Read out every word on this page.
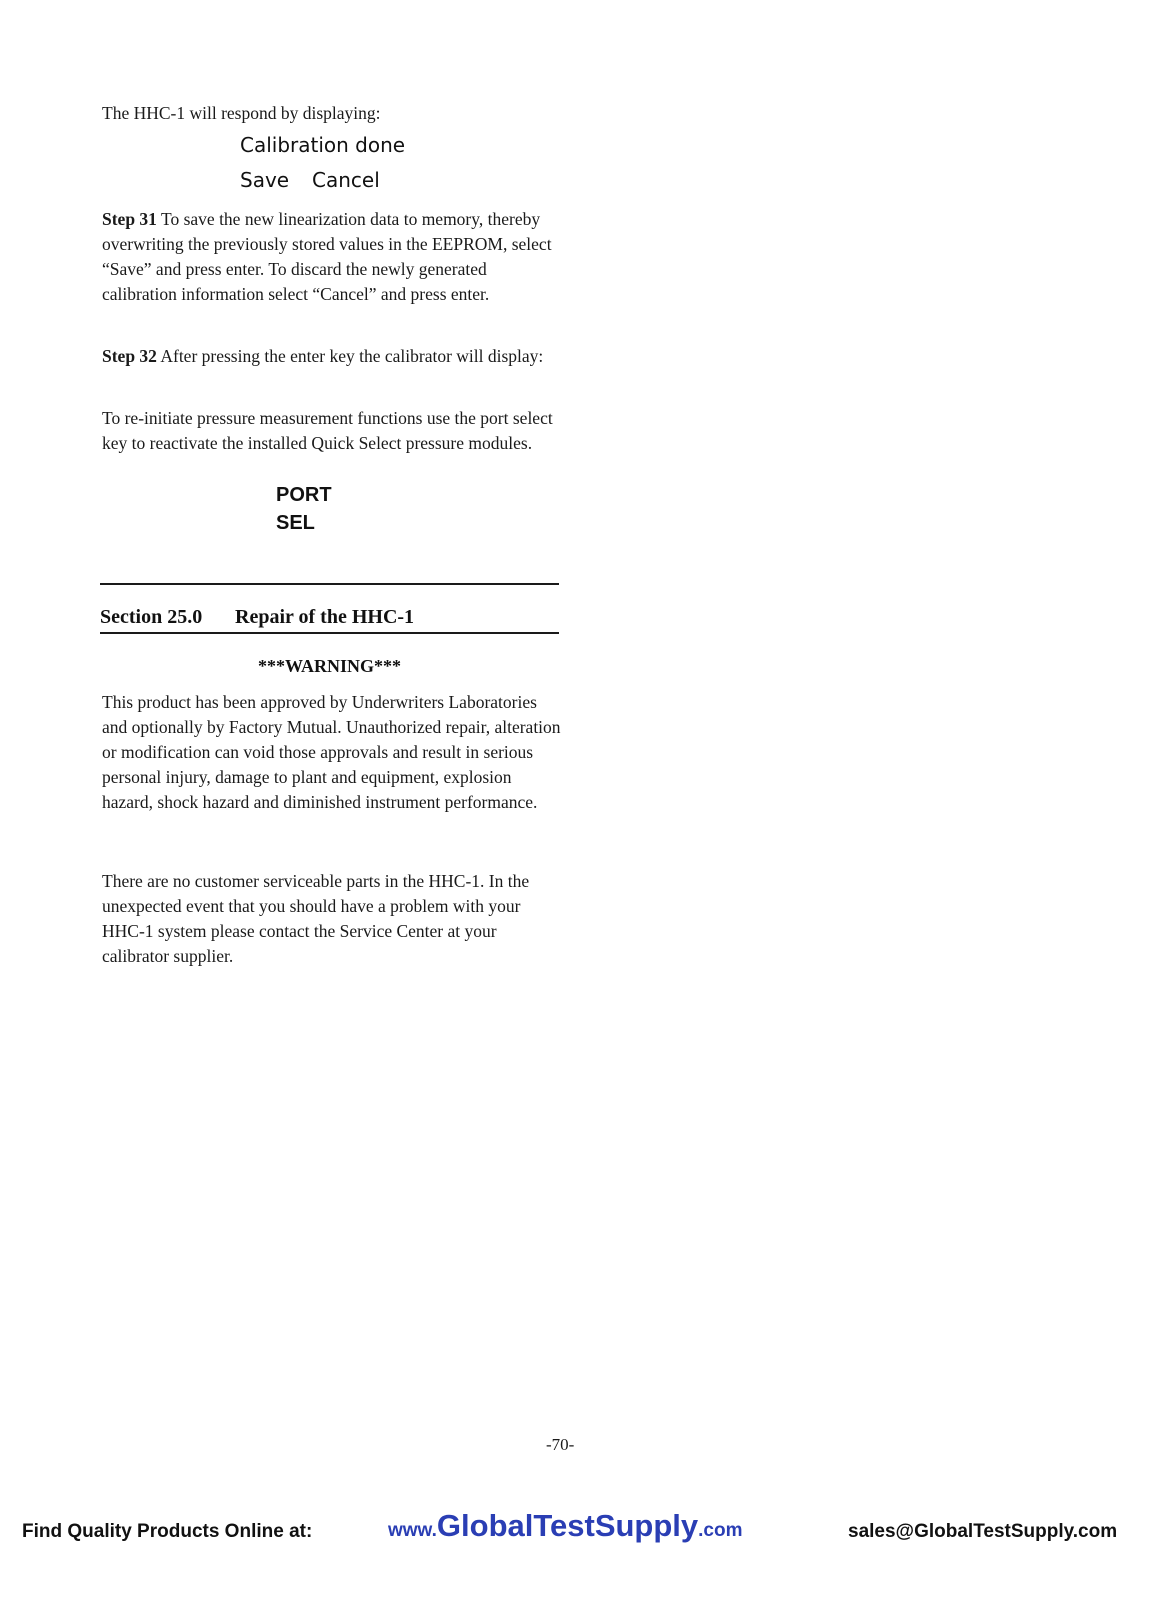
The HHC-1 will respond by displaying:
Calibration done
Save Cancel
Step 31 To save the new linearization data to memory, thereby overwriting the previously stored values in the EEPROM, select “Save” and press enter. To discard the newly generated calibration information select “Cancel” and press enter.
Step 32 After pressing the enter key the calibrator will display:
To re-initiate pressure measurement functions use the port select key to reactivate the installed Quick Select pressure modules.
PORT
SEL
Section 25.0 Repair of the HHC-1
***WARNING***
This product has been approved by Underwriters Laboratories and optionally by Factory Mutual. Unauthorized repair, alteration or modification can void those approvals and result in serious personal injury, damage to plant and equipment, explosion hazard, shock hazard and diminished instrument performance.
There are no customer serviceable parts in the HHC-1. In the unexpected event that you should have a problem with your HHC-1 system please contact the Service Center at your calibrator supplier.
-70-
Find Quality Products Online at:	www.GlobalTestSupply.com	sales@GlobalTestSupply.com
